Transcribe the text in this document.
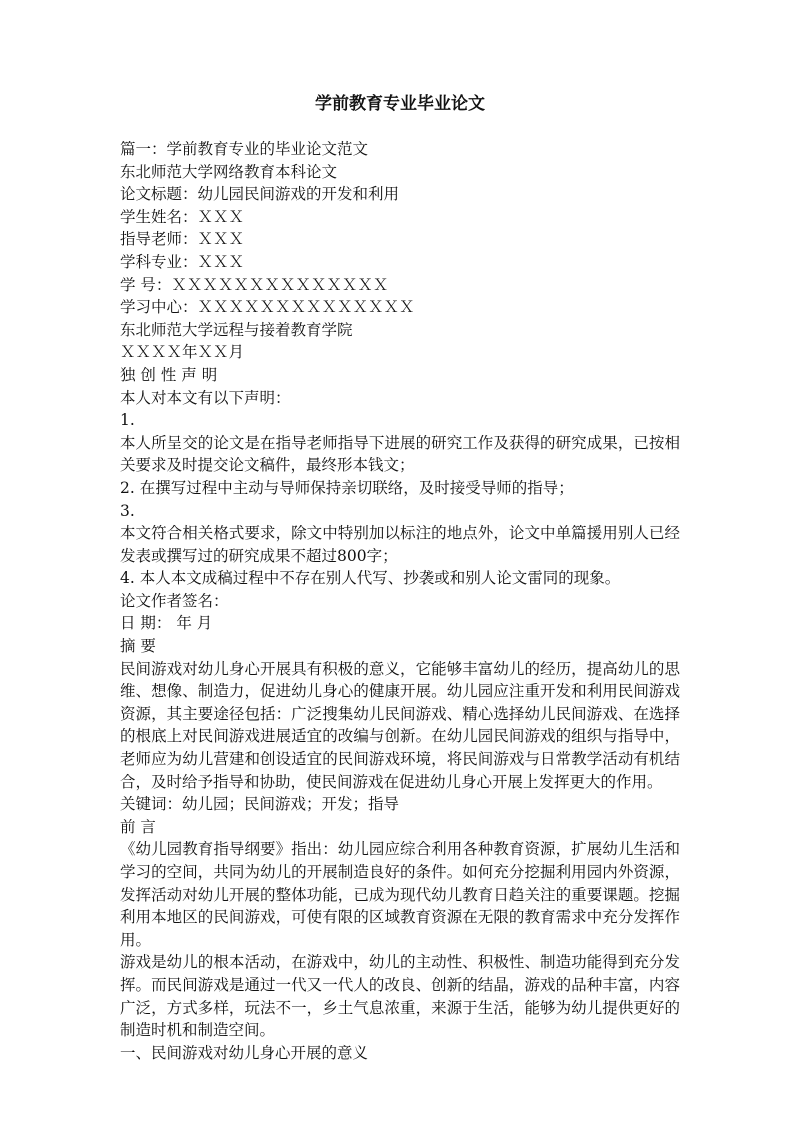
学前教育专业毕业论文

篇一：学前教育专业的毕业论文范文

东北师范大学网络教育本科论文

论文标题：幼儿园民间游戏的开发和利用

学生姓名：ＸＸＸ

指导老师：ＸＸＸ

学科专业：ＸＸＸ

学 号：ＸＸＸＸＸＸＸＸＸＸＸＸＸＸ

学习中心：ＸＸＸＸＸＸＸＸＸＸＸＸＸＸ

东北师范大学远程与接着教育学院

ＸＸＸＸ年ＸＸ月

独 创 性 声 明

本人对本文有以下声明：

1.

本人所呈交的论文是在指导老师指导下进展的研究工作及获得的研究成果，已按相关要求及时提交论文稿件，最终形本钱文；

2. 在撰写过程中主动与导师保持亲切联络，及时接受导师的指导；

3.

本文符合相关格式要求，除文中特别加以标注的地点外，论文中单篇援用别人已经发表或撰写过的研究成果不超过800字；

4. 本人本文成稿过程中不存在别人代写、抄袭或和别人论文雷同的现象。

论文作者签名：

日 期： 年 月

摘 要

民间游戏对幼儿身心开展具有积极的意义，它能够丰富幼儿的经历，提高幼儿的思维、想像、制造力，促进幼儿身心的健康开展。幼儿园应注重开发和利用民间游戏资源，其主要途径包括：广泛搜集幼儿民间游戏、精心选择幼儿民间游戏、在选择的根底上对民间游戏进展适宜的改编与创新。在幼儿园民间游戏的组织与指导中，老师应为幼儿营建和创设适宜的民间游戏环境，将民间游戏与日常教学活动有机结合，及时给予指导和协助，使民间游戏在促进幼儿身心开展上发挥更大的作用。

关键词：幼儿园；民间游戏；开发；指导

前 言

《幼儿园教育指导纲要》指出：幼儿园应综合利用各种教育资源，扩展幼儿生活和学习的空间，共同为幼儿的开展制造良好的条件。如何充分挖掘利用园内外资源，发挥活动对幼儿开展的整体功能，已成为现代幼儿教育日趋关注的重要课题。挖掘利用本地区的民间游戏，可使有限的区域教育资源在无限的教育需求中充分发挥作用。

游戏是幼儿的根本活动，在游戏中，幼儿的主动性、积极性、制造功能得到充分发挥。而民间游戏是通过一代又一代人的改良、创新的结晶，游戏的品种丰富，内容广泛，方式多样，玩法不一，乡土气息浓重，来源于生活，能够为幼儿提供更好的制造时机和制造空间。

一、民间游戏对幼儿身心开展的意义
